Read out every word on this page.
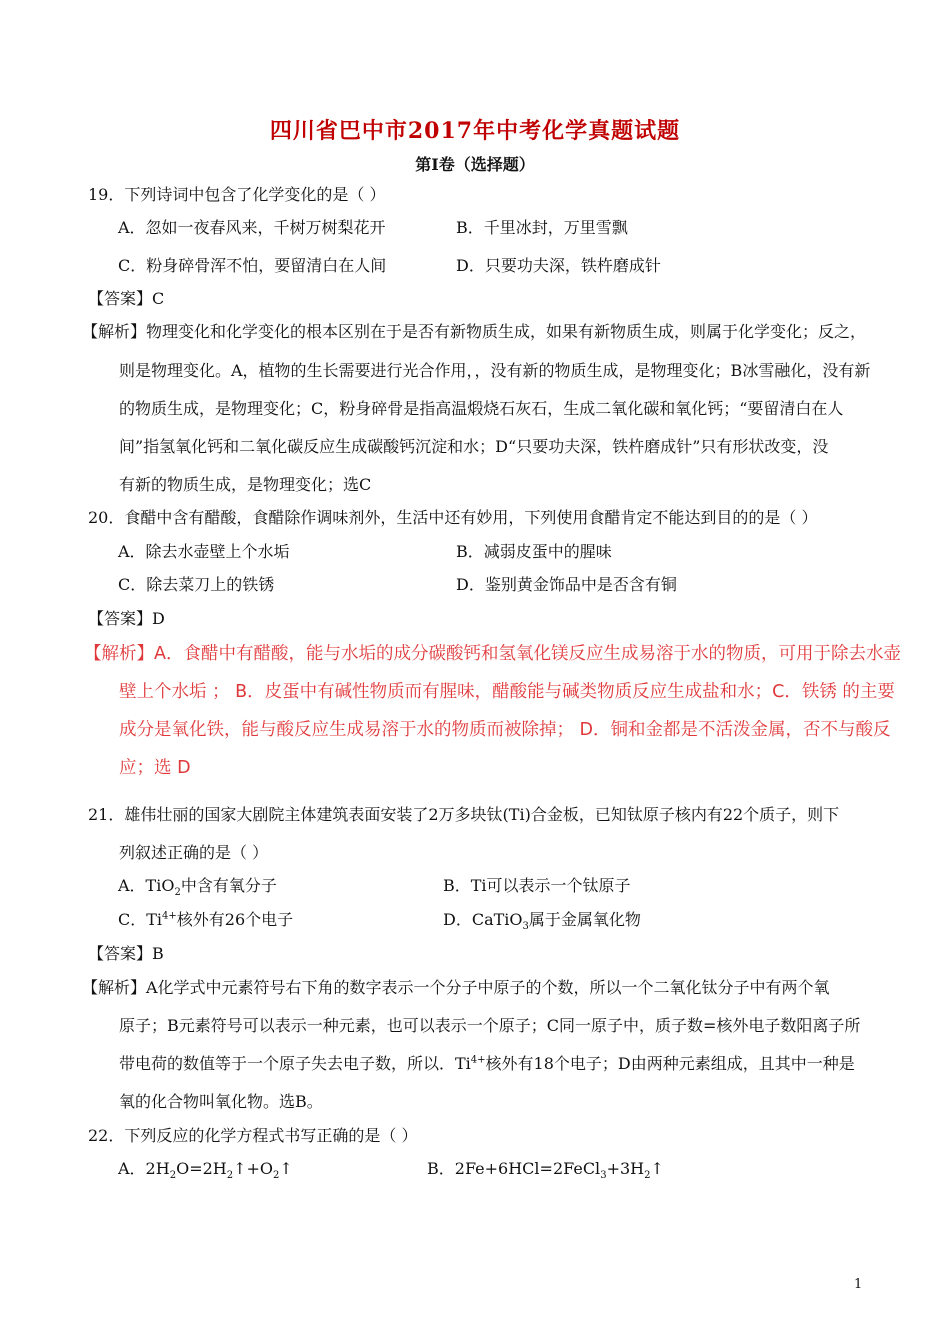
四川省巴中市2017年中考化学真题试题
第Ⅰ卷（选择题）
19．下列诗词中包含了化学变化的是（ ）
A．忽如一夜春风来，千树万树梨花开	B．千里冰封，万里雪飘
C．粉身碎骨浑不怕，要留清白在人间	D．只要功夫深，铁杵磨成针
【答案】C
【解析】物理变化和化学变化的根本区别在于是否有新物质生成，如果有新物质生成，则属于化学变化；反之，
则是物理变化。A，植物的生长需要进行光合作用，，没有新的物质生成，是物理变化；B冰雪融化，没有新
的物质生成，是物理变化；C，粉身碎骨是指高温煅烧石灰石，生成二氧化碳和氧化钙；“要留清白在人
间”指氢氧化钙和二氧化碳反应生成碳酸钙沉淀和水；D“只要功夫深，铁杵磨成针”只有形状改变，没
有新的物质生成，是物理变化；选C
20．食醋中含有醋酸，食醋除作调味剂外，生活中还有妙用，下列使用食醋肯定不能达到目的的是（ ）
A．除去水壶壁上个水垢	B．减弱皮蛋中的腥味
C．除去菜刀上的铁锈	D．鉴别黄金饰品中是否含有铜
【答案】D
【解析】A．食醋中有醋酸，能与水垢的成分碳酸钙和氢氧化镁反应生成易溶于水的物质，可用于除去水壶
壁上个水垢 ； B．皮蛋中有碱性物质而有腥味，醋酸能与碱类物质反应生成盐和水；C．铁锈 的主要
成分是氧化铁，能与酸反应生成易溶于水的物质而被除掉； D．铜和金都是不活泼金属，否不与酸反
应；选 D
21．雄伟壮丽的国家大剧院主体建筑表面安装了2万多块钛(Ti)合金板，已知钛原子核内有22个质子，则下
列叙述正确的是（ ）
A．TiO$_2$中含有氧分子	B．Ti可以表示一个钛原子
C．$Ti^{4+}$核外有26个电子	D．CaTiO$_3$属于金属氧化物
【答案】B
【解析】A化学式中元素符号右下角的数字表示一个分子中原子的个数，所以一个二氧化钛分子中有两个氧
原子；B元素符号可以表示一种元素，也可以表示一个原子；C同一原子中，质子数=核外电子数阳离子所
带电荷的数值等于一个原子失去电子数，所以．$Ti^{4+}$核外有18个电子；D由两种元素组成，且其中一种是
氧的化合物叫氧化物。选B。
22．下列反应的化学方程式书写正确的是（ ）
A．$2H_2O=2H_2↑+O_2↑$	B．$2Fe+6HCl=2FeCl_3+3H_2↑$
1
